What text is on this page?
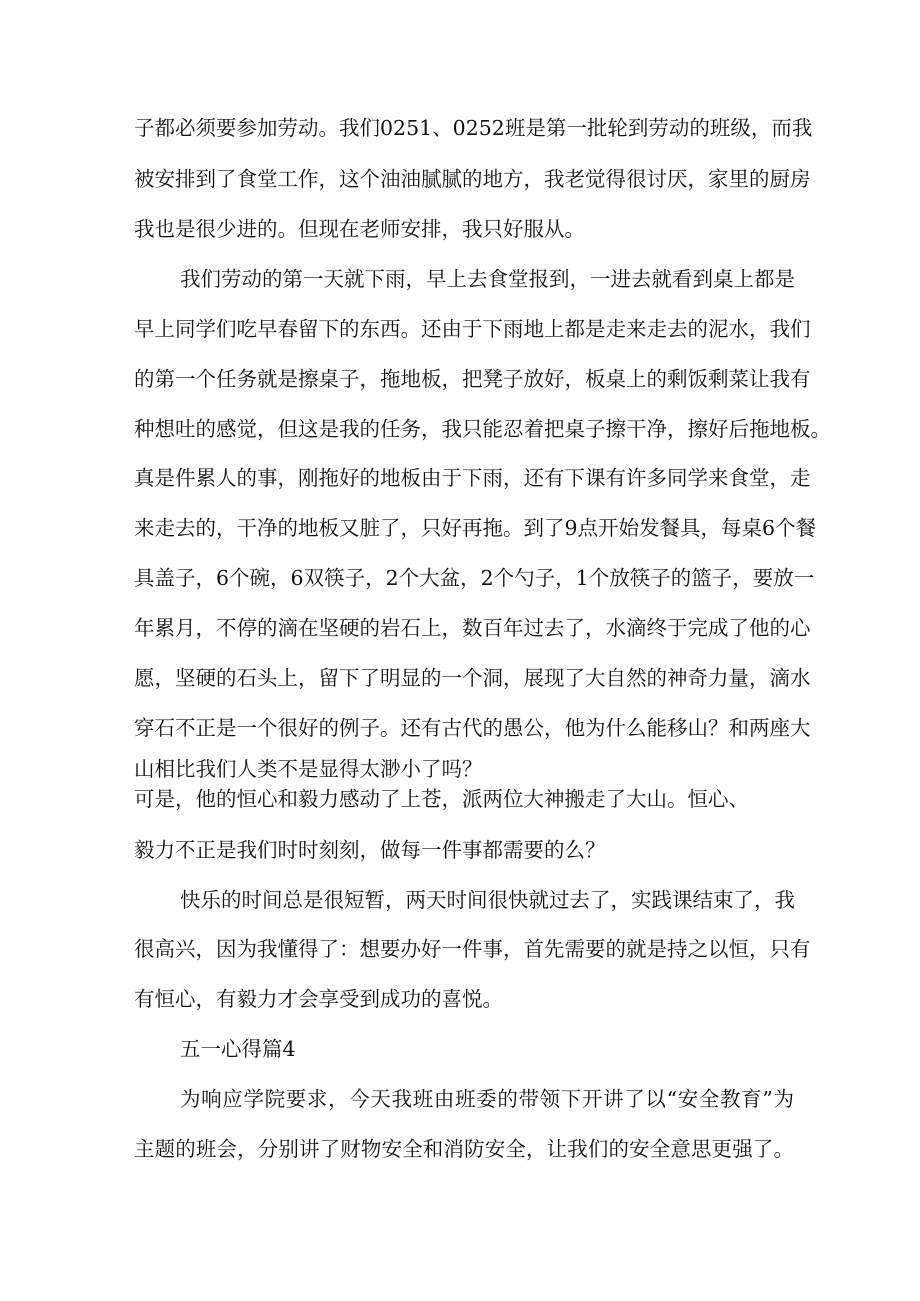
子都必须要参加劳动。我们0251、0252班是第一批轮到劳动的班级，而我
被安排到了食堂工作，这个油油腻腻的地方，我老觉得很讨厌，家里的厨房
我也是很少进的。但现在老师安排，我只好服从。
我们劳动的第一天就下雨，早上去食堂报到，一进去就看到桌上都是
早上同学们吃早春留下的东西。还由于下雨地上都是走来走去的泥水，我们
的第一个任务就是擦桌子，拖地板，把凳子放好，板桌上的剩饭剩菜让我有
种想吐的感觉，但这是我的任务，我只能忍着把桌子擦干净，擦好后拖地板。
真是件累人的事，刚拖好的地板由于下雨，还有下课有许多同学来食堂，走
来走去的，干净的地板又脏了，只好再拖。到了9点开始发餐具，每桌6个餐
具盖子，6个碗，6双筷子，2个大盆，2个勺子，1个放筷子的篮子，要放一
年累月，不停的滴在坚硬的岩石上，数百年过去了，水滴终于完成了他的心
愿，坚硬的石头上，留下了明显的一个洞，展现了大自然的神奇力量，滴水
穿石不正是一个很好的例子。还有古代的愚公，他为什么能移山？和两座大
山相比我们人类不是显得太渺小了吗？
可是，他的恒心和毅力感动了上苍，派两位大神搬走了大山。恒心、
毅力不正是我们时时刻刻，做每一件事都需要的么？
快乐的时间总是很短暂，两天时间很快就过去了，实践课结束了，我
很高兴，因为我懂得了：想要办好一件事，首先需要的就是持之以恒，只有
有恒心，有毅力才会享受到成功的喜悦。
五一心得篇4
为响应学院要求，今天我班由班委的带领下开讲了以“安全教育”为
主题的班会，分别讲了财物安全和消防安全，让我们的安全意思更强了。
